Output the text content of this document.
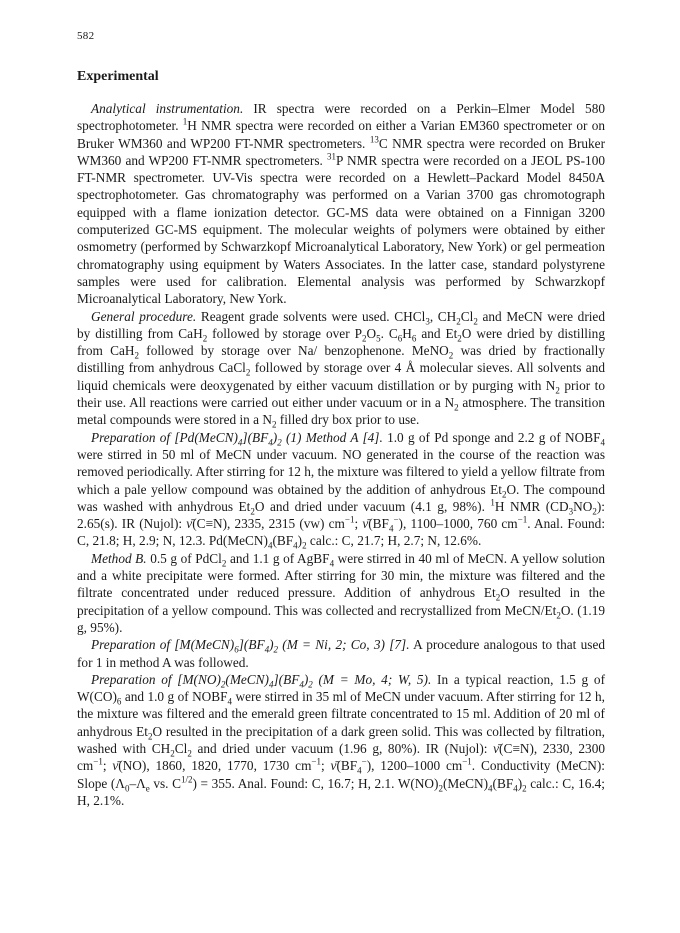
582
Experimental

Analytical instrumentation. IR spectra were recorded on a Perkin–Elmer Model 580 spectrophotometer. $^1$H NMR spectra were recorded on either a Varian EM360 spectrometer or on Bruker WM360 and WP200 FT-NMR spectrometers. $^{13}$C NMR spectra were recorded on Bruker WM360 and WP200 FT-NMR spectrometers. $^{31}$P NMR spectra were recorded on a JEOL PS-100 FT-NMR spectrometer. UV-Vis spectra were recorded on a Hewlett–Packard Model 8450A spectrophotometer. Gas chromatography was performed on a Varian 3700 gas chromotograph equipped with a flame ionization detector. GC-MS data were obtained on a Finnigan 3200 computerized GC-MS equipment. The molecular weights of polymers were obtained by either osmometry (performed by Schwarzkopf Microanalytical Laboratory, New York) or gel permeation chromatography using equipment by Waters Associates. In the latter case, standard polystyrene samples were used for calibration. Elemental analysis was performed by Schwarzkopf Microanalytical Laboratory, New York.

General procedure. Reagent grade solvents were used. CHCl$_3$, $CH_2Cl_2$ and MeCN were dried by distilling from CaH$_2$ followed by storage over $P_2O_5$. $C_6H_6$ and $Et_2O$ were dried by distilling from CaH$_2$ followed by storage over Na/ benzophenone. MeNO$_2$ was dried by fractionally distilling from anhydrous CaCl$_2$ followed by storage over 4 Å molecular sieves. All solvents and liquid chemicals were deoxygenated by either vacuum distillation or by purging with $N_2$ prior to their use. All reactions were carried out either under vacuum or in a $N_2$ atmosphere. The transition metal compounds were stored in a $N_2$ filled dry box prior to use.

Preparation of $[Pd(MeCN)_4](BF_4)_2$ (1) Method A [4]. 1.0 g of Pd sponge and 2.2 g of $NOBF_4$ were stirred in 50 ml of MeCN under vacuum. NO generated in the course of the reaction was removed periodically. After stirring for 12 h, the mixture was filtered to yield a yellow filtrate from which a pale yellow compound was obtained by the addition of anhydrous $Et_2O$. The compound was washed with anhydrous $Et_2O$ and dried under vacuum (4.1 g, 98%). $^1$H NMR $(CD_3NO_2)$: 2.65(s). IR (Nujol): ν̄(C≡N), 2335, 2315 (vw) $cm^{-1}$; $\nū(BF_4^-)$, 1100–1000, 760 $cm^{-1}$. Anal. Found: C, 21.8; H, 2.9; N, 12.3. $Pd(MeCN)_4(BF_4)_2$ calc.: C, 21.7; H, 2.7; N, 12.6%.

Method B. 0.5 g of PdCl$_2$ and 1.1 g of AgBF$_4$ were stirred in 40 ml of MeCN. A yellow solution and a white precipitate were formed. After stirring for 30 min, the mixture was filtered and the filtrate concentrated under reduced pressure. Addition of anhydrous $Et_2O$ resulted in the precipitation of a yellow compound. This was collected and recrystallized from MeCN/$Et_2O$. (1.19 g, 95%).

Preparation of $[M(MeCN)_6](BF_4)_2$ (M = Ni, 2; Co, 3) [7]. A procedure analogous to that used for 1 in method A was followed.

Preparation of $[M(NO)_2(MeCN)_4](BF_4)_2$ (M = Mo, 4; W, 5). In a typical reaction, 1.5 g of $W(CO)_6$ and 1.0 g of $NOBF_4$ were stirred in 35 ml of MeCN under vacuum. After stirring for 12 h, the mixture was filtered and the emerald green filtrate concentrated to 15 ml. Addition of 20 ml of anhydrous $Et_2O$ resulted in the precipitation of a dark green solid. This was collected by filtration, washed with $CH_2Cl_2$ and dried under vacuum (1.96 g, 80%). IR (Nujol): ν̄(C≡N), 2330, 2300 $cm^{-1}$; ν̄(NO), 1860, 1820, 1770, 1730 $cm^{-1}$; $\nū(BF_4^-)$, 1200–1000 $cm^{-1}$. Conductivity (MeCN): Slope ($\Lambda_0-\Lambda_e$ vs. $C^{1/2}) = 355$. Anal. Found: C, 16.7; H, 2.1. $W(NO)_2(MeCN)_4(BF_4)_2$ calc.: C, 16.4; H, 2.1%.
